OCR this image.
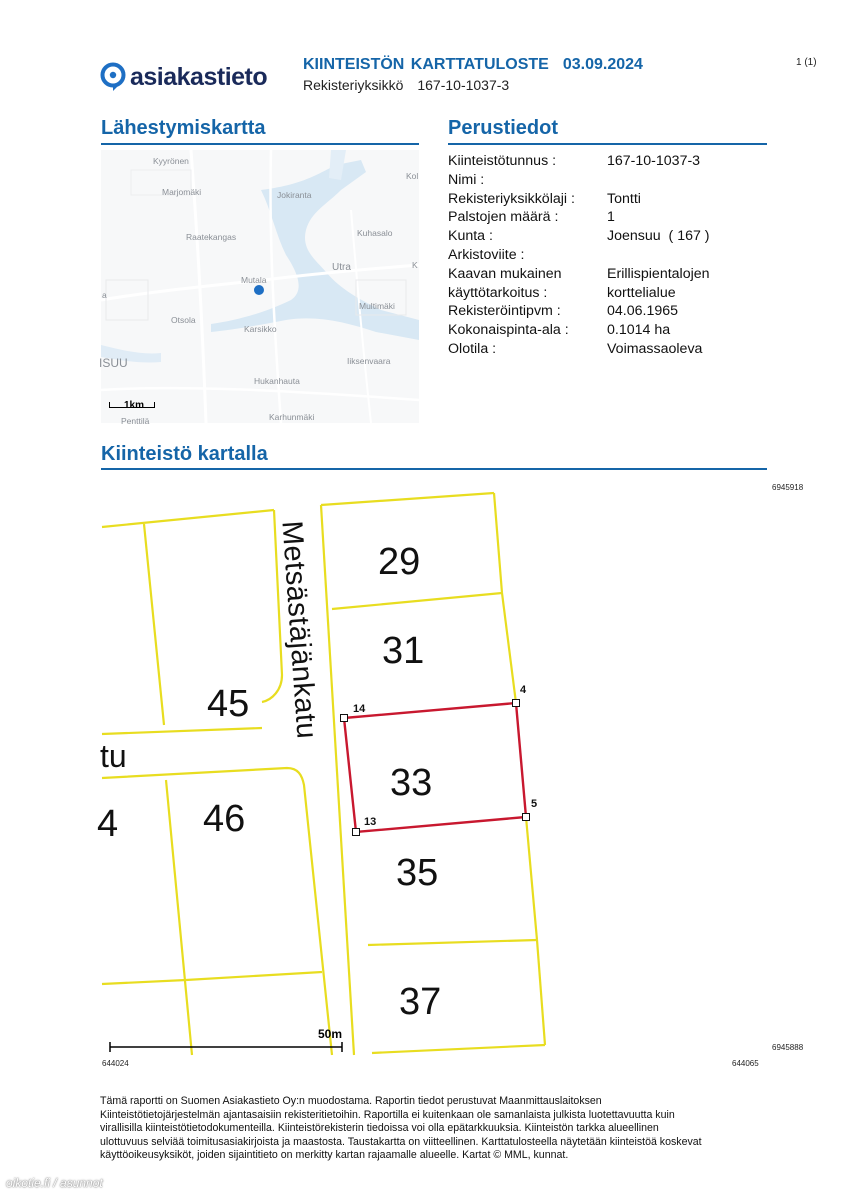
asiakastieto KIINTEISTÖN KARTTATULOSTE 03.09.2024
Rekisteriyksikkö 167-10-1037-3
1 (1)
Lähestymiskartta	Perustiedot
Kiinteistötunnus :	167-10-1037-3
Nimi :
Rekisteriyksikkölaji :	Tontti
Palstojen määrä :	1
Kunta :	Joensuu  ( 167 )
Arkistoviite :
Kaavan mukainen	Erillispientalojen
käyttötarkoitus :	korttelialue
Rekisteröintipvm :	04.06.1965
Kokonaispinta-ala :	0.1014 ha
Olotila :	Voimassaoleva
Kyyrönen
Marjomäki	Jokiranta
Raatekangas	Kuhasalo
Mutala
Utra
Otsola
Karsikko
Multimäki
Iiksenvaara
Hukanhauta
Karhunmäki
Penttilä
Kol
K
a
ISUU
1km
Kiinteistö kartalla
Metsästäjänkatu
tu
29
31
45
33
46
35
37
4
14
4
5
13
50m
6945918
6945888
644024	644065
Tämä raportti on Suomen Asiakastieto Oy:n muodostama. Raportin tiedot perustuvat Maanmittauslaitoksen
Kiinteistötietojärjestelmän ajantasaisiin rekisteritietoihin. Raportilla ei kuitenkaan ole samanlaista julkista luotettavuutta kuin
virallisilla kiinteistötietodokumenteilla. Kiinteistörekisterin tiedoissa voi olla epätarkkuuksia. Kiinteistön tarkka alueellinen
ulottuvuus selviää toimitusasiakirjoista ja maastosta. Taustakartta on viitteellinen. Karttatulosteella näytetään kiinteistöä koskevat
käyttöoikeusyksiköt, joiden sijaintitieto on merkitty kartan rajaamalle alueelle. Kartat © MML, kunnat.
oikotie.fi / asunnot
